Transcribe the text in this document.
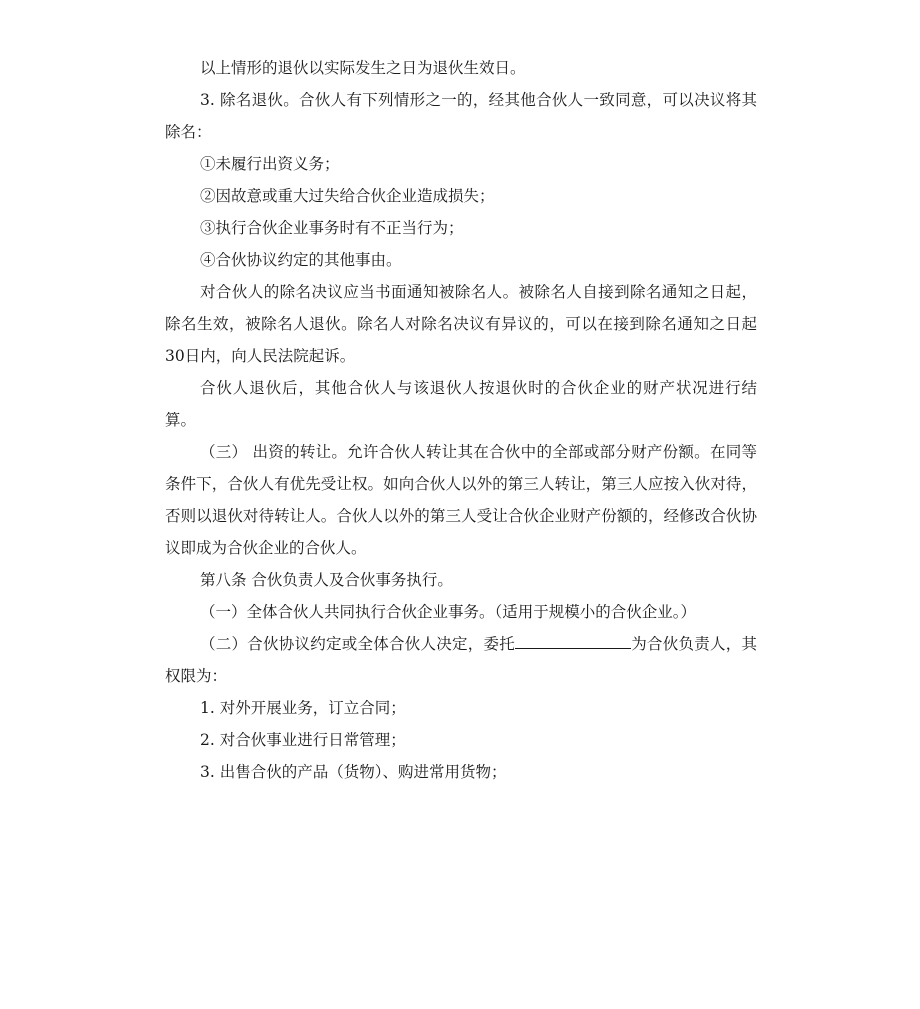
以上情形的退伙以实际发生之日为退伙生效日。

3. 除名退伙。合伙人有下列情形之一的，经其他合伙人一致同意，可以决议将其除名：

①未履行出资义务；

②因故意或重大过失给合伙企业造成损失；

③执行合伙企业事务时有不正当行为；

④合伙协议约定的其他事由。

对合伙人的除名决议应当书面通知被除名人。被除名人自接到除名通知之日起，除名生效，被除名人退伙。除名人对除名决议有异议的，可以在接到除名通知之日起30日内，向人民法院起诉。

合伙人退伙后，其他合伙人与该退伙人按退伙时的合伙企业的财产状况进行结算。

（三） 出资的转让。允许合伙人转让其在合伙中的全部或部分财产份额。在同等条件下，合伙人有优先受让权。如向合伙人以外的第三人转让，第三人应按入伙对待，否则以退伙对待转让人。合伙人以外的第三人受让合伙企业财产份额的，经修改合伙协议即成为合伙企业的合伙人。

第八条 合伙负责人及合伙事务执行。

（一）全体合伙人共同执行合伙企业事务。（适用于规模小的合伙企业。）

（二）合伙协议约定或全体合伙人决定，委托	为合伙负责人，其权限为：

1. 对外开展业务，订立合同；

2. 对合伙事业进行日常管理；

3. 出售合伙的产品（货物）、购进常用货物；
